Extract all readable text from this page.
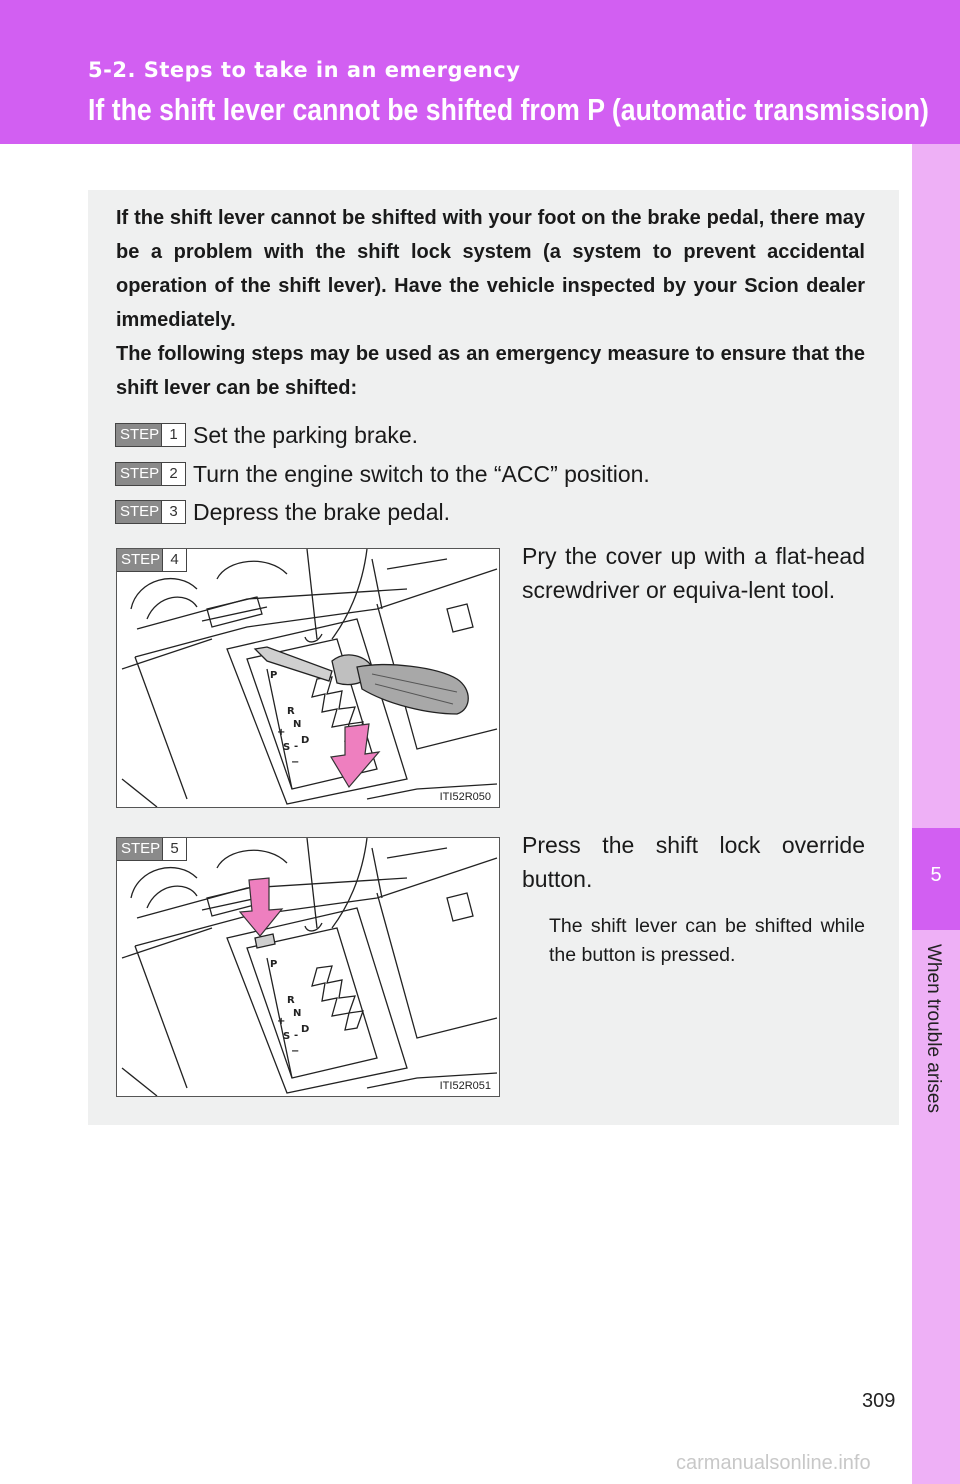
5-2. Steps to take in an emergency
If the shift lever cannot be shifted from P (automatic transmission)
5
When trouble arises

If the shift lever cannot be shifted with your foot on the brake pedal, there may be a problem with the shift lock system (a system to prevent accidental operation of the shift lever). Have the vehicle inspected by your Scion dealer immediately.

The following steps may be used as an emergency measure to ensure that the shift lever can be shifted:

STEP 1 Set the parking brake.
STEP 2 Turn the engine switch to the “ACC” position.
STEP 3 Depress the brake pedal.
P
R
N
D
+
S -
−
STEP 4
ITI52R050

Pry the cover up with a flat-head screwdriver or equiva-lent tool.

P
R
N
D
+
S -
−
STEP 5
ITI52R051

Press the shift lock override button.

The shift lever can be shifted while the button is pressed.

309
carmanualsonline.info
